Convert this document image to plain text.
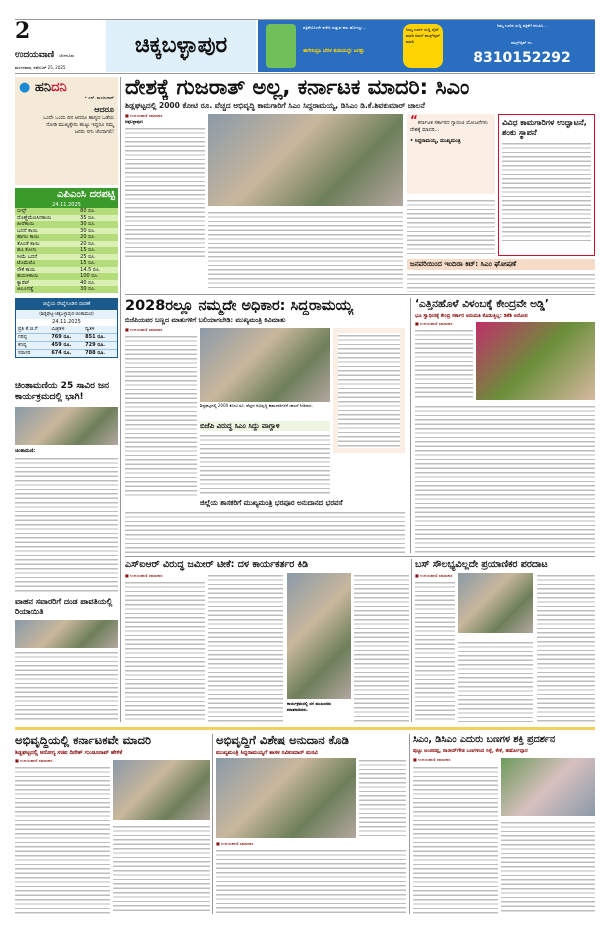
2
ಉದಯವಾಣಿ ಬೆಂಗಳೂರು
ಮಂಗಳವಾರ, ನವೆಂಬರ್ 25, 2025
ಚಿಕ್ಕಬಳ್ಳಾಪುರ
ಪತ್ರಿಕೆಯೊಂದೇ ಕಚೇರಿ ಸುತ್ತುವ ಕಾಲ ಹೋಯ್ತು...
ಈಗೇನಿದ್ರೂ ಬೆರಳ ತುದಿಯಲ್ಲೇ ಜಗತ್ತು
ನಿಮ್ಮ ಊರ್ನ ಸುದ್ದಿ ಲೈವ್ ಮಾಡಿ ನಮಗೆ ವಾಟ್ಸ್ಆ್ಯಪ್ ಮಾಡಿ
ನಿಮ್ಮ ಊರಿನ ಸುದ್ದಿ ಪತ್ರಿಕೆಗೆ ಕಳುಹಿಸಿ...
ವಾಟ್ಸ್ಆ್ಯಪ್ ನಂ.
8310152292
● ಹನಿದನಿ
• ಎನ್. ಮಂಜುನಾಥ್
ಆದರೂ
ಒಂದೇ ಒಂದು ದಿನ ಆದರೂ ಹಾಸ್ಯದ ಒಡೆಯ ನೋಡಿ ಮುಖ್ಯಕ್ಕೇನು ಹುಟ್ಟು ಇದ್ದರೂ ನಮ್ಮ ಜನರು ನಗು ಚೆಂದಾಗಲಿ!
ಎಪಿಎಂಸಿ ದರಪಟ್ಟಿ
24.11.2025
ಬೀನ್ಸ್	80 ರೂ.
ದೊಣ್ಣೆಮೆಣಸಿನಕಾಯಿ	35 ರೂ.
ಹೀರೆಕಾಯಿ	30 ರೂ.
ಬದನೆ ಕಾಯಿ	30 ರೂ.
ಹಾಗಲ ಕಾಯಿ	20 ರೂ.
ತೊಂಡೆ ಕಾಯಿ	20 ರೂ.
ಹೂ ಕೋಸು	15 ರೂ.
ಸೀಮೆ ಬದನೆ	25 ರೂ.
ಟೊಮೆಟೊ	15 ರೂ.
ನೌಕೆ ಕಾಯಿ	14.5 ರೂ.
ಹುರುಳಿಕಾಯಿ	100 ರೂ.
ಕ್ಯಾರೆಟ್	40 ರೂ.
ಆಲೂಗಡ್ಡೆ	30 ರೂ.
ಜಿಲ್ಲೆಯ ರೇಷ್ಮೆಗೂಡಿನ ಧಾರಣೆ
(ಶಿಡ್ಲಘಟ್ಟ-ಚಿಕ್ಕಬಳ್ಳಾಪುರ-ಚಿಂತಾಮಣಿ)
24.11.2025
ಪ್ರತಿ ಕೆ.ಜಿ.ಗೆ	ಮಿಶ್ರತಳಿ	ದ್ವಿತಳಿ
ಗರಿಷ್ಠ	769 ರೂ.	851 ರೂ.
ಕನಿಷ್ಠ	459 ರೂ.	729 ರೂ.
ಸರಾಸರಿ	674 ರೂ.	788 ರೂ.
ಚಿಂತಾಮಣಿಯ 25 ಸಾವಿರ ಜನ ಕಾರ್ಯಕ್ರಮದಲ್ಲಿ ಭಾಗಿ!
ಚಿಂತಾಮಣಿ:
ವಾಹನ ಸವಾರರಿಗೆ ದಂಡ ಪಾವತಿಯಲ್ಲಿ ರಿಯಾಯಿತಿ
ದೇಶಕ್ಕೆ ಗುಜರಾತ್ ಅಲ್ಲ, ಕರ್ನಾಟಕ ಮಾದರಿ: ಸಿಎಂ
ಶಿಡ್ಲಘಟ್ಟದಲ್ಲಿ 2000 ಕೋಟಿ ರೂ. ವೆಚ್ಚದ ಅಭಿವೃದ್ಧಿ ಕಾಮಗಾರಿಗೆ ಸಿಎಂ ಸಿದ್ದರಾಮಯ್ಯ, ಡಿಸಿಎಂ ಡಿ.ಕೆ.ಶಿವಕುಮಾರ್ ಚಾಲನೆ
■ ಉದಯವಾಣಿ ಸಮಾಚಾರ
ಚಿಕ್ಕಬಳ್ಳಾಪುರ:	“ಕರ್ನಾಟಕ ಸರ್ಕಾರದ ಗ್ಯಾರಂಟಿ ಯೋಜನೆಗಳು ದೇಶಕ್ಕೆ ಮಾದರಿ...
• ಸಿದ್ದರಾಮಯ್ಯ, ಮುಖ್ಯಮಂತ್ರಿ
ವಿವಿಧ ಕಾಮಗಾರಿಗಳ ಉದ್ಘಾಟನೆ, ಶಂಕು ಸ್ಥಾಪನೆ
ಜನವರಿಯಿಂದ ಇಂದಿರಾ ಕಿಟ್: ಸಿಎಂ ಘೋಷಣೆ
2028ರಲ್ಲೂ ನಮ್ಮದೇ ಅಧಿಕಾರ: ಸಿದ್ದರಾಮಯ್ಯ
ಬಿಜೆಪಿಯವರ ಬಣ್ಣದ ಮಾತುಗಳಿಗೆ ಬಲಿಯಾಗಬೇಡಿ: ಮುಖ್ಯಮಂತ್ರಿ ಕಿವಿಮಾತು
■ ಉದಯವಾಣಿ ಸಮಾಚಾರ
ಶಿಡ್ಲಘಟ್ಟದಲ್ಲಿ 2000 ಕೋಟಿ ರೂ. ವೆಚ್ಚದ ಅಭಿವೃದ್ಧಿ ಕಾಮಗಾರಿಗಳಿಗೆ ಚಾಲನೆ ನೀಡಿದರು.
ಬಿಜೆಪಿ ವಿರುದ್ಧ ಸಿಎಂ ಸಿದ್ದು ವಾಗ್ದಾಳಿ
ಜಿಲ್ಲೆಯ ಶಾಸಕರಿಗೆ ಮುಖ್ಯಮಂತ್ರಿ ಭರಪೂರ ಅನುದಾನದ ಭರವಸೆ
‘ಎತ್ತಿನಹೊಳೆ ವಿಳಂಬಕ್ಕೆ ಕೇಂದ್ರವೇ ಅಡ್ಡಿ’
ಭೂ ಸ್ವಾಧೀನಕ್ಕೆ ಕೇಂದ್ರ ಸರ್ಕಾರ ಅನುಮತಿ ಕೊಡುತ್ತಿಲ್ಲ: ಡಿಕೆಶಿ ಆರೋಪ
■ ಉದಯವಾಣಿ ಸಮಾಚಾರ
ಎಸ್ಐಆರ್ ವಿರುದ್ಧ ಜಮೀರ್ ಟೀಕೆ: ದಳ ಕಾರ್ಯಕರ್ತರ ಕಿಡಿ
■ ಉದಯವಾಣಿ ಸಮಾಚಾರ
ಕಾರ್ಯಕ್ರಮದಲ್ಲಿ ದಳ ಮುಖಂಡರು ಮಾತನಾಡಿದರು.
ಬಸ್ ಸೌಲಭ್ಯವಿಲ್ಲದೇ ಪ್ರಯಾಣಿಕರ ಪರದಾಟ
■ ಉದಯವಾಣಿ ಸಮಾಚಾರ
ಅಭಿವೃದ್ಧಿಯಲ್ಲಿ ಕರ್ನಾಟಕವೇ ಮಾದರಿ
ಶಿಡ್ಲಘಟ್ಟದಲ್ಲಿ ಆರೋಗ್ಯ ಸಚಿವ ದಿನೇಶ್ ಗುಂಡೂರಾವ್ ಹೇಳಿಕೆ
■ ಉದಯವಾಣಿ ಸಮಾಚಾರ
ಅಭಿವೃದ್ಧಿಗೆ ವಿಶೇಷ ಅನುದಾನ ಕೊಡಿ
ಮುಖ್ಯಮಂತ್ರಿ ಸಿದ್ದರಾಮಯ್ಯಗೆ ಶಾಸಕ ರವಿಕುಮಾರ್ ಮನವಿ
■ ಉದಯವಾಣಿ ಸಮಾಚಾರ
ಸಿಎಂ, ಡಿಸಿಎಂ ಎದುರು ಬಣಗಳ ಶಕ್ತಿ ಪ್ರದರ್ಶನ
ಪುಟ್ಟು ಆಂಜಿನಪ್ಪ, ರಾಜೀವ್‌ಗೌಡ ಬಣಗಳಿಂದ ಸಿಳ್ಳೆ, ಕೇಕೆ, ಹರ್ಷೋದ್ಗಾರ
■ ಉದಯವಾಣಿ ಸಮಾಚಾರ
